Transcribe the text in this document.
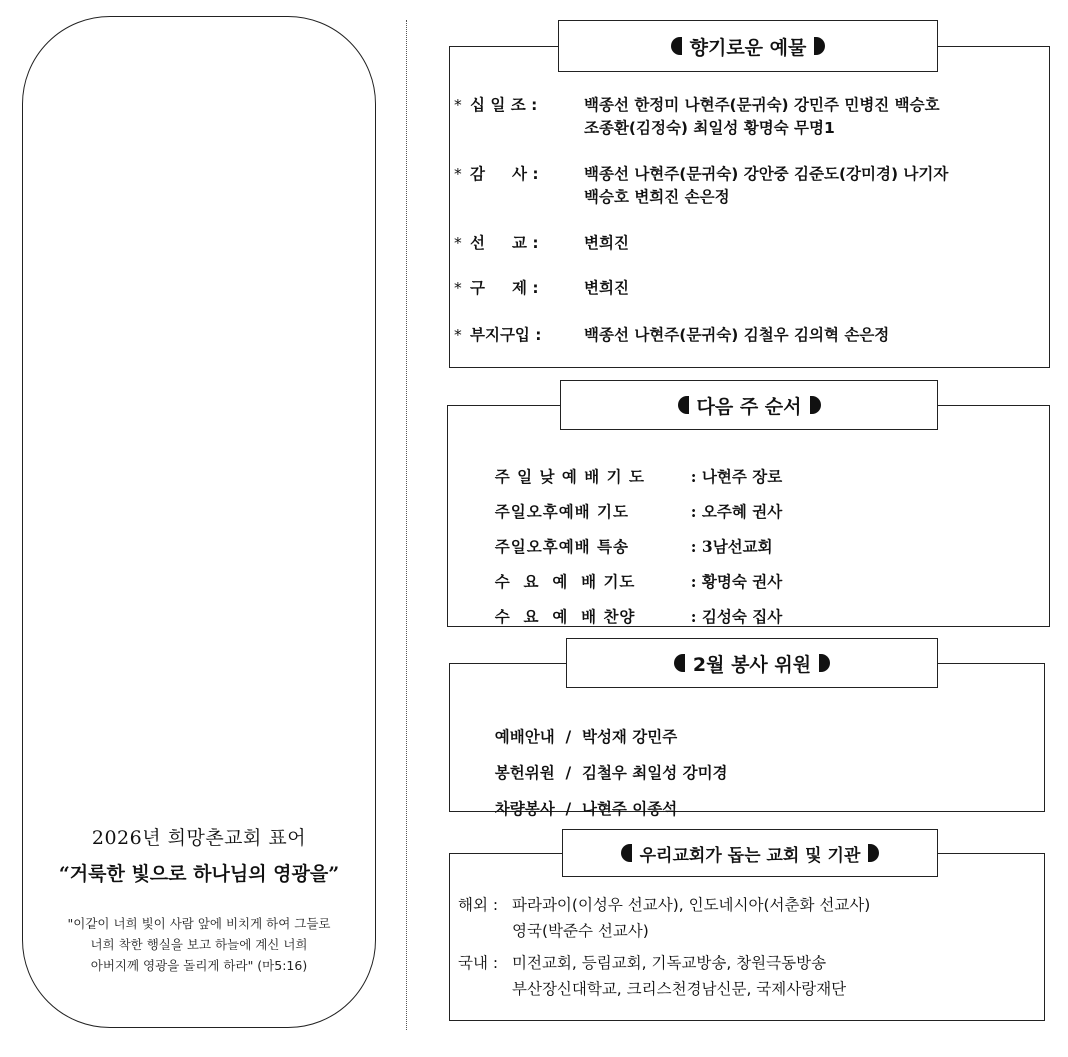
2026년 희망촌교회 표어
“거룩한 빛으로 하나님의 영광을”
"이같이 너희 빛이 사람 앞에 비치게 하여 그들로
너희 착한 행실을 보고 하늘에 계신 너희
아버지께 영광을 돌리게 하라" (마5:16)
향기로운 예물
* 십 일 조 :	백종선 한정미 나현주(문귀숙) 강민주 민병진 백승호
조종환(김정숙) 최일성 황명숙 무명1
* 감     사 :	백종선 나현주(문귀숙) 강안중 김준도(강미경) 나기자
백승호 변희진 손은정
* 선     교 :	변희진
* 구     제 :	변희진
* 부지구입 :	백종선 나현주(문귀숙) 김철우 김의혁 손은정
다음 주 순서

주 일 낮 예 배 기 도	: 나현주 장로

주일오후예배 기도	: 오주혜 권사

주일오후예배 특송	: 3남선교회

수  요  예  배 기도	: 황명숙 권사

수  요  예  배 찬양	: 김성숙 집사

2월 봉사 위원

예배안내 / 박성재 강민주

봉헌위원 / 김철우 최일성 강미경

차량봉사 / 나현주 이종석

우리교회가 돕는 교회 및 기관
해외 : 파라과이(이성우 선교사), 인도네시아(서춘화 선교사)
영국(박준수 선교사)
국내 : 미전교회, 등림교회, 기독교방송, 창원극동방송
부산장신대학교, 크리스천경남신문, 국제사랑재단
